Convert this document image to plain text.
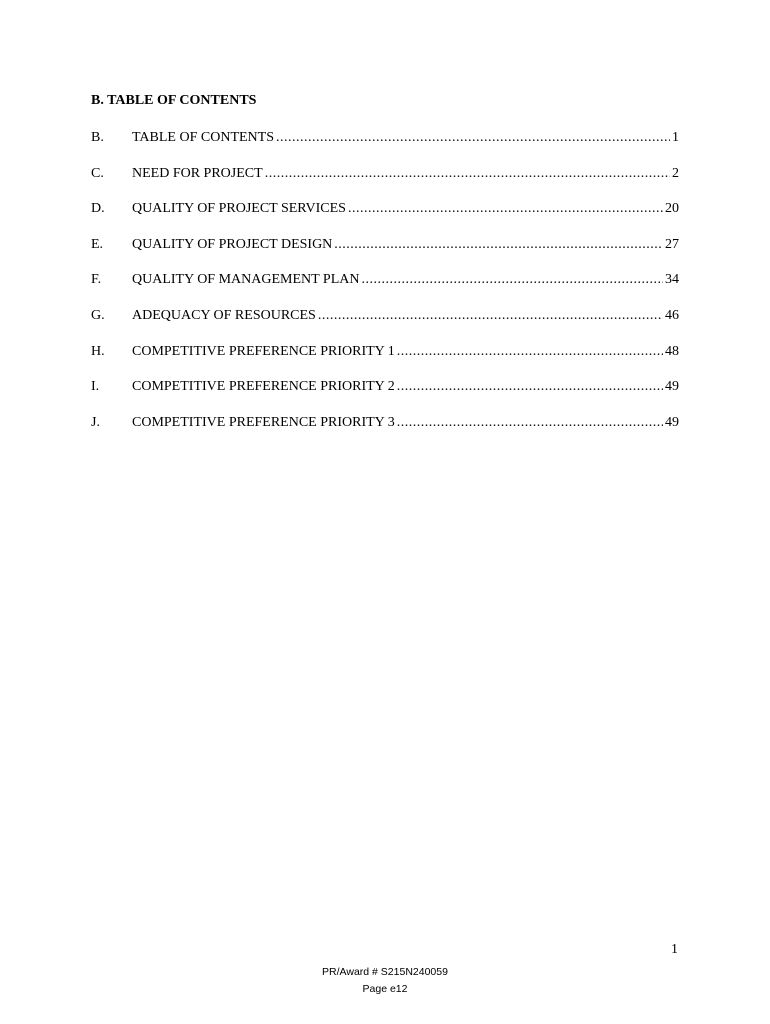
B. TABLE OF CONTENTS
B.	TABLE OF CONTENTS .....	1
C.	NEED FOR PROJECT .....	2
D.	QUALITY OF PROJECT SERVICES .....	20
E.	QUALITY OF PROJECT DESIGN .....	27
F.	QUALITY OF MANAGEMENT PLAN .....	34
G.	ADEQUACY OF RESOURCES .....	46
H.	COMPETITIVE PREFERENCE PRIORITY 1 .....	48
I.	COMPETITIVE PREFERENCE PRIORITY 2 .....	49
J.	COMPETITIVE PREFERENCE PRIORITY 3 .....	49
1
PR/Award # S215N240059
Page e12
